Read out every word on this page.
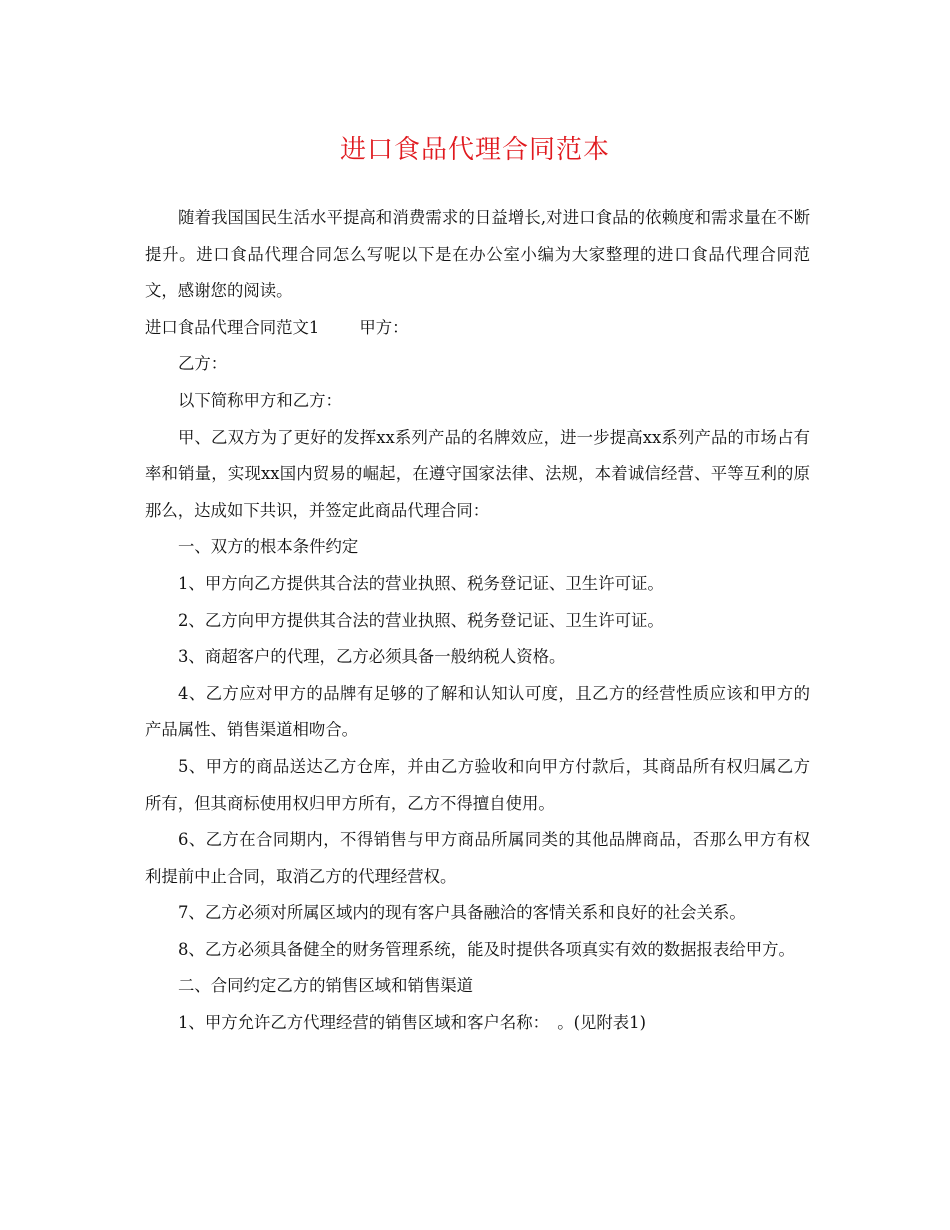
进口食品代理合同范本

随着我国国民生活水平提高和消费需求的日益增长,对进口食品的依赖度和需求量在不断提升。进口食品代理合同怎么写呢以下是在办公室小编为大家整理的进口食品代理合同范文，感谢您的阅读。

进口食品代理合同范文1 甲方：

乙方：

以下简称甲方和乙方：

甲、乙双方为了更好的发挥xx系列产品的名牌效应，进一步提高xx系列产品的市场占有率和销量，实现xx国内贸易的崛起，在遵守国家法律、法规，本着诚信经营、平等互利的原那么，达成如下共识，并签定此商品代理合同：

一、双方的根本条件约定

1、甲方向乙方提供其合法的营业执照、税务登记证、卫生许可证。

2、乙方向甲方提供其合法的营业执照、税务登记证、卫生许可证。

3、商超客户的代理，乙方必须具备一般纳税人资格。

4、乙方应对甲方的品牌有足够的了解和认知认可度，且乙方的经营性质应该和甲方的产品属性、销售渠道相吻合。

5、甲方的商品送达乙方仓库，并由乙方验收和向甲方付款后，其商品所有权归属乙方所有，但其商标使用权归甲方所有，乙方不得擅自使用。

6、乙方在合同期内，不得销售与甲方商品所属同类的其他品牌商品，否那么甲方有权利提前中止合同，取消乙方的代理经营权。

7、乙方必须对所属区域内的现有客户具备融洽的客情关系和良好的社会关系。

8、乙方必须具备健全的财务管理系统，能及时提供各项真实有效的数据报表给甲方。

二、合同约定乙方的销售区域和销售渠道

1、甲方允许乙方代理经营的销售区域和客户名称：　。(见附表1)
